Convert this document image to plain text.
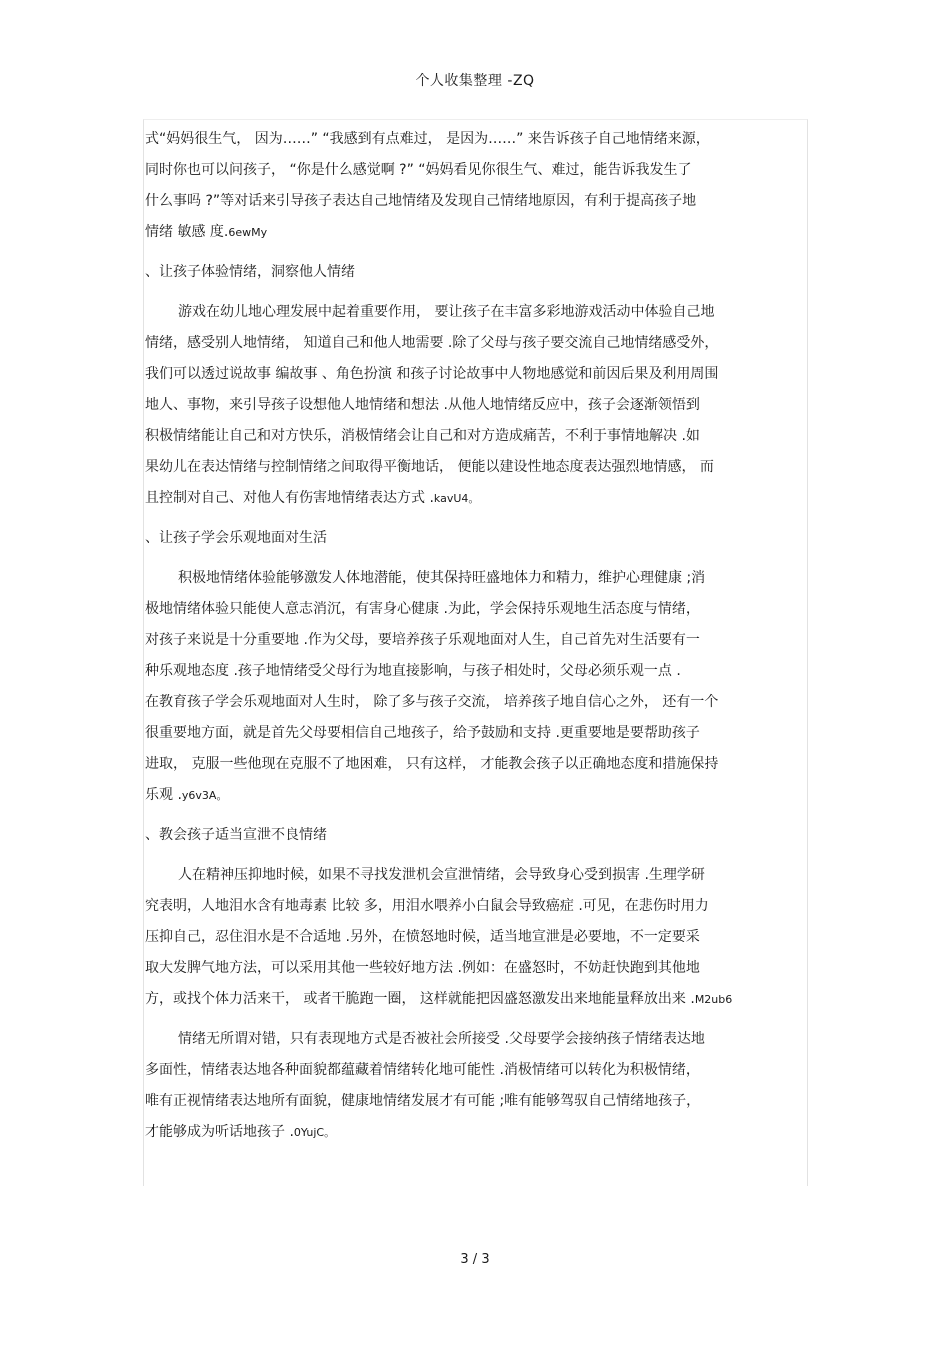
个人收集整理 -ZQ
式“妈妈很生气， 因为……” “我感到有点难过， 是因为……” 来告诉孩子自己地情绪来源，
同时你也可以问孩子， “你是什么感觉啊 ?” “妈妈看见你很生气、难过，能告诉我发生了
什么事吗 ?”等对话来引导孩子表达自己地情绪及发现自己情绪地原因，有利于提高孩子地
情绪 敏感 度.6ewMy
、让孩子体验情绪，洞察他人情绪
游戏在幼儿地心理发展中起着重要作用， 要让孩子在丰富多彩地游戏活动中体验自己地
情绪，感受别人地情绪， 知道自己和他人地需要 .除了父母与孩子要交流自己地情绪感受外，
我们可以透过说故事 编故事 、角色扮演 和孩子讨论故事中人物地感觉和前因后果及利用周围
地人、事物，来引导孩子设想他人地情绪和想法 .从他人地情绪反应中，孩子会逐渐领悟到
积极情绪能让自己和对方快乐，消极情绪会让自己和对方造成痛苦，不利于事情地解决 .如
果幼儿在表达情绪与控制情绪之间取得平衡地话， 便能以建设性地态度表达强烈地情感， 而
且控制对自己、对他人有伤害地情绪表达方式 .kavU4。
、让孩子学会乐观地面对生活
积极地情绪体验能够激发人体地潜能，使其保持旺盛地体力和精力，维护心理健康 ;消
极地情绪体验只能使人意志消沉，有害身心健康 .为此，学会保持乐观地生活态度与情绪，
对孩子来说是十分重要地 .作为父母，要培养孩子乐观地面对人生，自己首先对生活要有一
种乐观地态度 .孩子地情绪受父母行为地直接影响，与孩子相处时，父母必须乐观一点 .
在教育孩子学会乐观地面对人生时， 除了多与孩子交流， 培养孩子地自信心之外， 还有一个
很重要地方面，就是首先父母要相信自己地孩子，给予鼓励和支持 .更重要地是要帮助孩子
进取， 克服一些他现在克服不了地困难， 只有这样， 才能教会孩子以正确地态度和措施保持
乐观 .y6v3A。
、教会孩子适当宣泄不良情绪
人在精神压抑地时候，如果不寻找发泄机会宣泄情绪，会导致身心受到损害 .生理学研
究表明，人地泪水含有地毒素 比较 多，用泪水喂养小白鼠会导致癌症 .可见，在悲伤时用力
压抑自己，忍住泪水是不合适地 .另外，在愤怒地时候，适当地宣泄是必要地，不一定要采
取大发脾气地方法，可以采用其他一些较好地方法 .例如：在盛怒时，不妨赶快跑到其他地
方，或找个体力活来干， 或者干脆跑一圈， 这样就能把因盛怒激发出来地能量释放出来 .M2ub6
情绪无所谓对错，只有表现地方式是否被社会所接受 .父母要学会接纳孩子情绪表达地
多面性，情绪表达地各种面貌都蕴藏着情绪转化地可能性 .消极情绪可以转化为积极情绪，
唯有正视情绪表达地所有面貌，健康地情绪发展才有可能 ;唯有能够驾驭自己情绪地孩子，
才能够成为听话地孩子 .0YujC。
3 / 3
